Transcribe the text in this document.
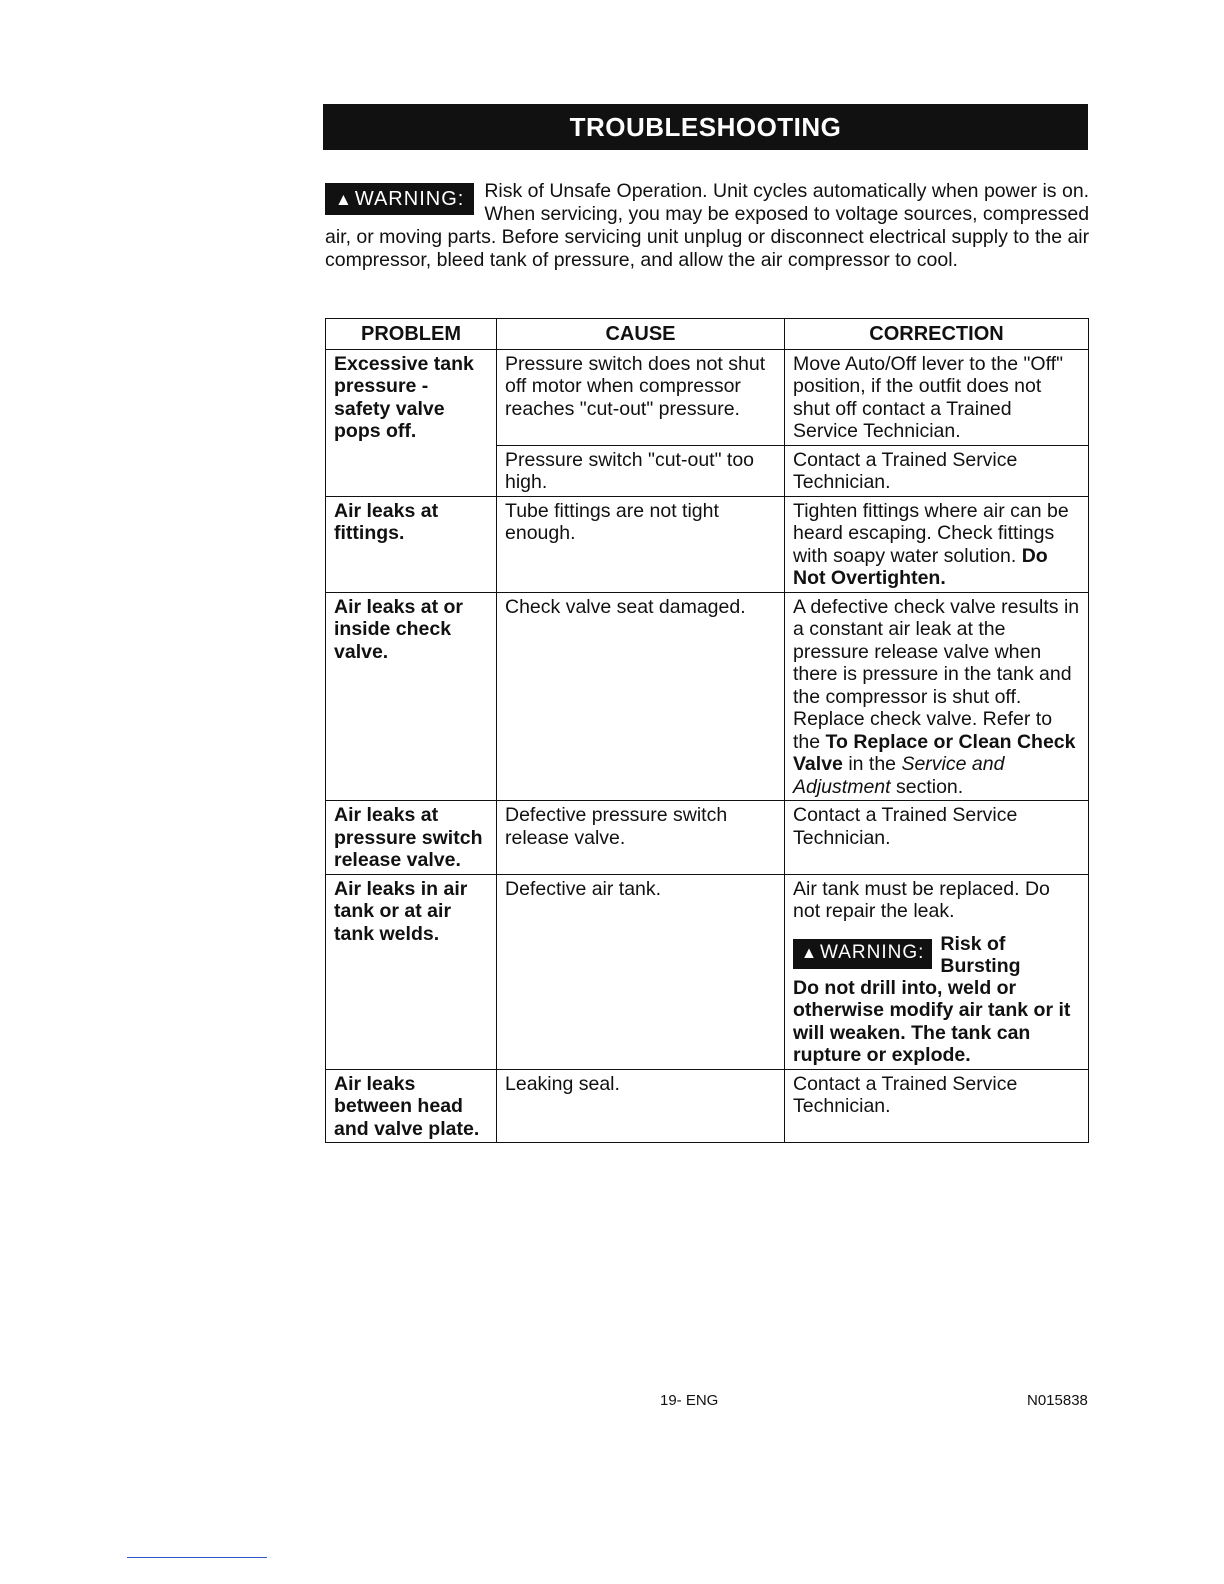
TROUBLESHOOTING
▲ WARNING: Risk of Unsafe Operation. Unit cycles automatically when power is on. When servicing, you may be exposed to voltage sources, compressed air, or moving parts. Before servicing unit unplug or disconnect electrical supply to the air compressor, bleed tank of pressure, and allow the air compressor to cool.
PROBLEM	CAUSE	CORRECTION
Excessive tank pressure - safety valve pops off.	Pressure switch does not shut off motor when compressor reaches "cut-out" pressure.	Move Auto/Off lever to the "Off" position, if the outfit does not shut off contact a Trained Service Technician.
	Pressure switch "cut-out" too high.	Contact a Trained Service Technician.
Air leaks at fittings.	Tube fittings are not tight enough.	Tighten fittings where air can be heard escaping. Check fittings with soapy water solution. Do Not Overtighten.
Air leaks at or inside check valve.	Check valve seat damaged.	A defective check valve results in a constant air leak at the pressure release valve when there is pressure in the tank and the compressor is shut off. Replace check valve. Refer to the To Replace or Clean Check Valve in the Service and Adjustment section.
Air leaks at pressure switch release valve.	Defective pressure switch release valve.	Contact a Trained Service Technician.
Air leaks in air tank or at air tank welds.	Defective air tank.	Air tank must be replaced. Do not repair the leak.
▲ WARNING: Risk of Bursting
Do not drill into, weld or otherwise modify air tank or it will weaken. The tank can rupture or explode.

Air leaks between head and valve plate.	Leaking seal.	Contact a Trained Service Technician.
19- ENG	N015838
